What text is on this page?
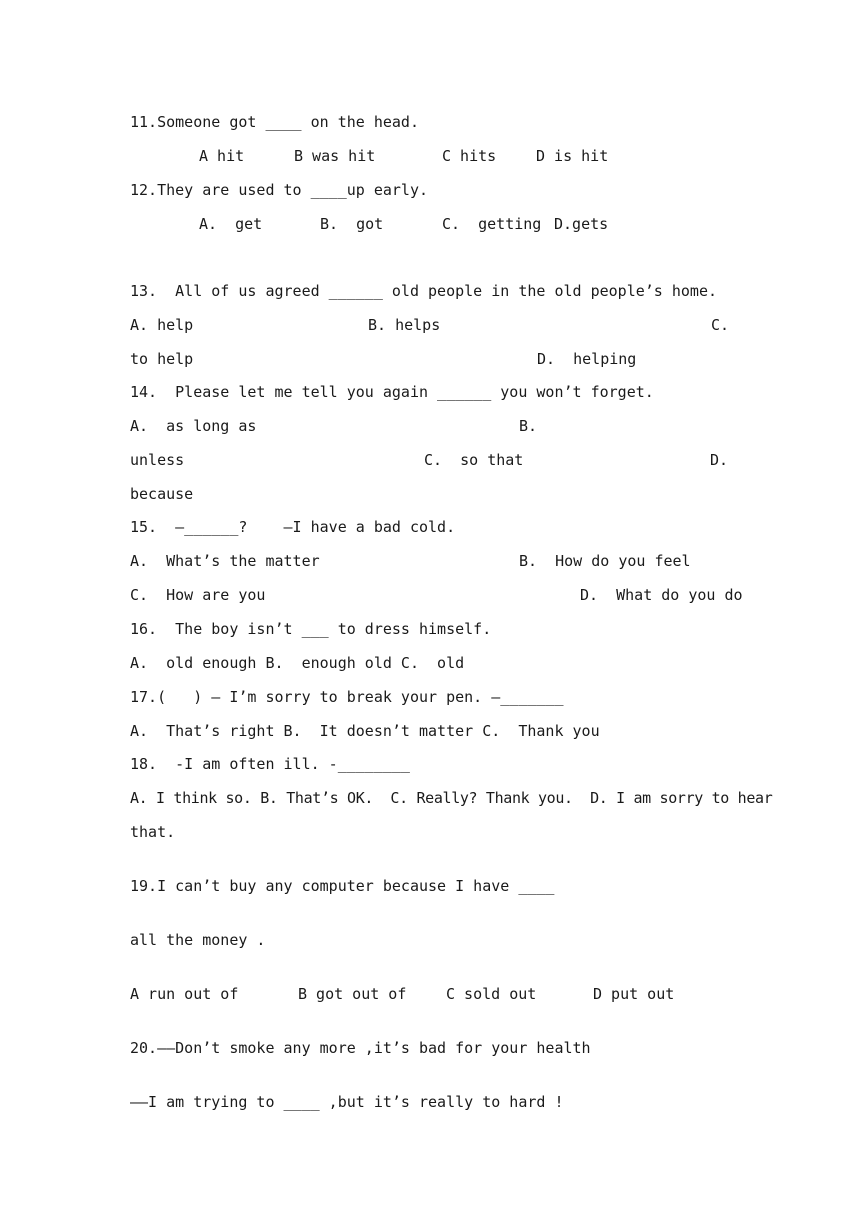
11.Someone got ____ on the head.
A hit	B was hit	C hits	D is hit
12.They are used to ____up early.
A.  get	B.  got	C.  getting D.gets
13.  All of us agreed ______ old people in the old people’s home.
A. help	B. helps	C.
to help	D.  helping
14.  Please let me tell you again ______ you won’t forget.
A.  as long as	B.
unless	C.  so that	D.
because
15.  —______?    —I have a bad cold.
A.  What’s the matter	B.  How do you feel
C.  How are you	D.  What do you do
16.  The boy isn’t ___ to dress himself.
A.  old enough B.  enough old C.  old
17.(   ) — I’m sorry to break your pen. —_______
A.  That’s right B.  It doesn’t matter C.  Thank you
18.  -I am often ill. -________
A. I think so. B. That’s OK.  C. Really? Thank you.  D. I am sorry to hear
that.
19.I can’t buy any computer because I have ____
all the money .
A run out of	B got out of	C sold out	D put out
20.——Don’t smoke any more ,it’s bad for your health
——I am trying to ____ ,but it’s really to hard !
